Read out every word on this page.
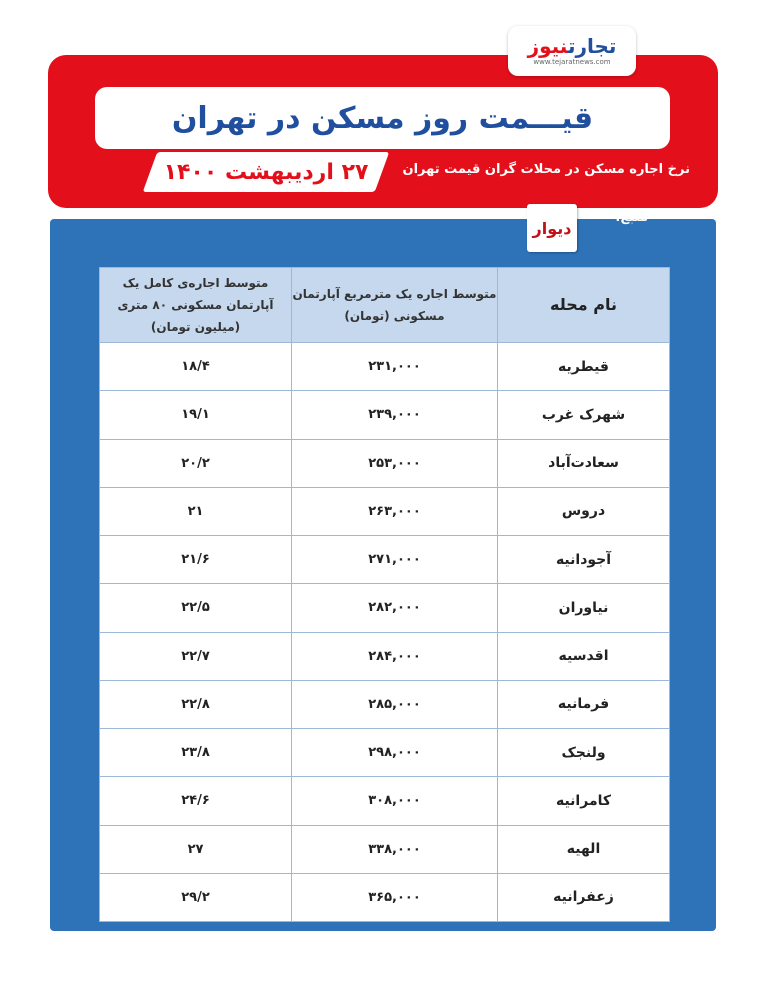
تجارتنیوز
www.tejaratnews.com
قیـــمت روز مسکن در تهران
۲۷ اردیبهشت ۱۴۰۰	نرخ اجاره مسکن در محلات گران قیمت تهران
منبع:
دیوار
نام محله	متوسط اجاره یک مترمربع آپارتمان مسکونی (تومان)	متوسط اجاره‌ی کامل یک آپارتمان مسکونی ۸۰ متری (میلیون تومان)
قیطریه	۲۳۱,۰۰۰	۱۸/۴
شهرک غرب	۲۳۹,۰۰۰	۱۹/۱
سعادت‌آباد	۲۵۳,۰۰۰	۲۰/۲
دروس	۲۶۳,۰۰۰	۲۱
آجودانیه	۲۷۱,۰۰۰	۲۱/۶
نیاوران	۲۸۲,۰۰۰	۲۲/۵
اقدسیه	۲۸۴,۰۰۰	۲۲/۷
فرمانیه	۲۸۵,۰۰۰	۲۲/۸
ولنجک	۲۹۸,۰۰۰	۲۳/۸
کامرانیه	۳۰۸,۰۰۰	۲۴/۶
الهیه	۳۳۸,۰۰۰	۲۷
زعفرانیه	۳۶۵,۰۰۰	۲۹/۲
